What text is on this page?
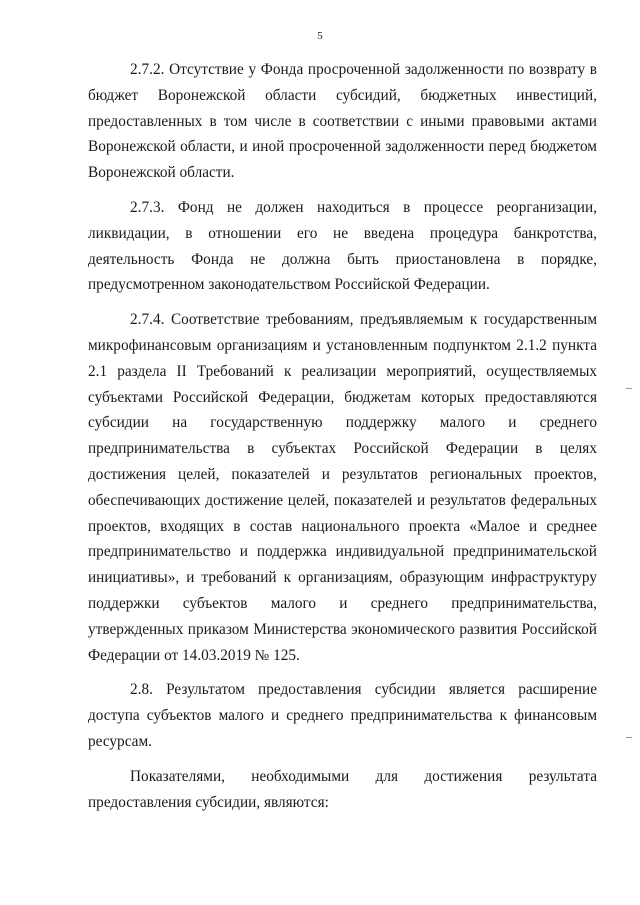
5

2.7.2. Отсутствие у Фонда просроченной задолженности по возврату в бюджет Воронежской области субсидий, бюджетных инвестиций, предоставленных в том числе в соответствии с иными правовыми актами Воронежской области, и иной просроченной задолженности перед бюджетом Воронежской области.

2.7.3. Фонд не должен находиться в процессе реорганизации, ликвидации, в отношении его не введена процедура банкротства, деятельность Фонда не должна быть приостановлена в порядке, предусмотренном законодательством Российской Федерации.

2.7.4. Соответствие требованиям, предъявляемым к государственным микрофинансовым организациям и установленным подпунктом 2.1.2 пункта 2.1 раздела II Требований к реализации мероприятий, осуществляемых субъектами Российской Федерации, бюджетам которых предоставляются субсидии на государственную поддержку малого и среднего предпринимательства в субъектах Российской Федерации в целях достижения целей, показателей и результатов региональных проектов, обеспечивающих достижение целей, показателей и результатов федеральных проектов, входящих в состав национального проекта «Малое и среднее предпринимательство и поддержка индивидуальной предпринимательской инициативы», и требований к организациям, образующим инфраструктуру поддержки субъектов малого и среднего предпринимательства, утвержденных приказом Министерства экономического развития Российской Федерации от 14.03.2019 № 125.

2.8. Результатом предоставления субсидии является расширение доступа субъектов малого и среднего предпринимательства к финансовым ресурсам.

Показателями, необходимыми для достижения результата предоставления субсидии, являются:
